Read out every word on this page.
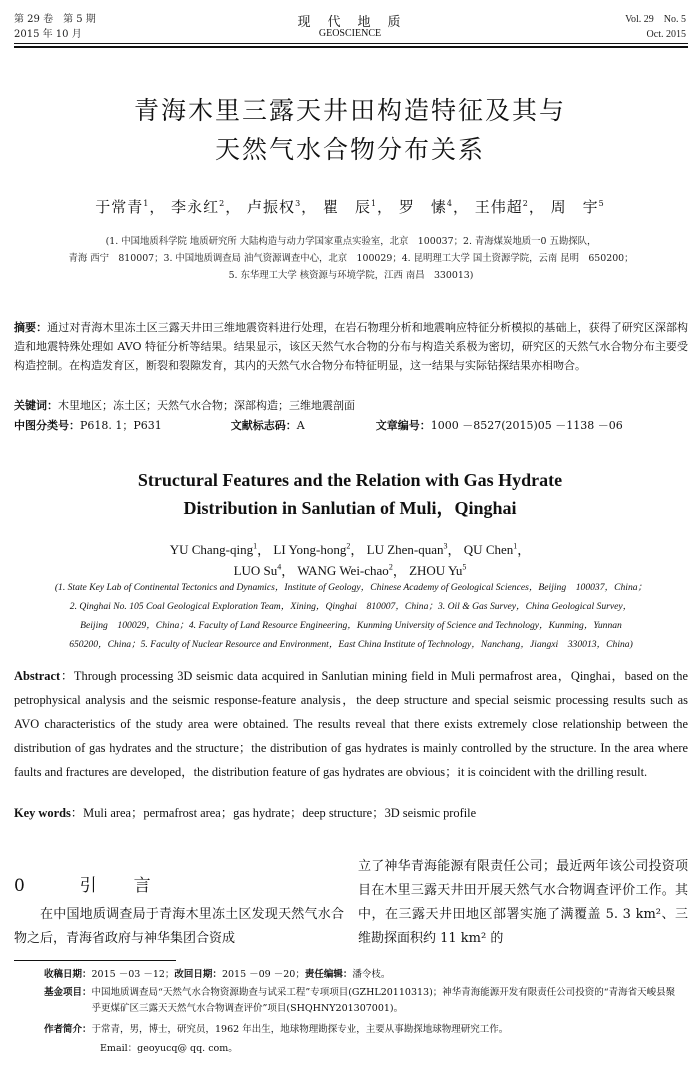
第 29 卷　第 5 期
2015 年 10 月
现　代　地　质
GEOSCIENCE
Vol. 29　No. 5
Oct. 2015
青海木里三露天井田构造特征及其与
天然气水合物分布关系
于常青$^1$， 李永红$^2$， 卢振权$^3$， 瞿　辰$^1$， 罗　愫$^4$， 王伟超$^2$， 周　宇$^5$
(1. 中国地质科学院 地质研究所 大陆构造与动力学国家重点实验室，北京　100037；2. 青海煤炭地质一0 五勘探队，
青海 西宁　810007；3. 中国地质调查局 油气资源调查中心，北京　100029；4. 昆明理工大学 国土资源学院，云南 昆明　650200；
5. 东华理工大学 核资源与环境学院，江西 南昌　330013)
摘要：通过对青海木里冻土区三露天井田三维地震资料进行处理，在岩石物理分析和地震响应特征分析模拟的基础上，获得了研究区深部构造和地震特殊处理如 AVO 特征分析等结果。结果显示，该区天然气水合物的分布与构造关系极为密切，研究区的天然气水合物分布主要受构造控制。在构造发育区，断裂和裂隙发育，其内的天然气水合物分布特征明显，这一结果与实际钻探结果亦相吻合。
关键词：木里地区；冻土区；天然气水合物；深部构造；三维地震剖面
中图分类号：P618. 1；P631	文献标志码：A	文章编号：1000 －8527(2015)05 －1138 －06
Structural Features and the Relation with Gas Hydrate
Distribution in Sanlutian of Muli，Qinghai
YU Chang-qing$^1$， LI Yong-hong$^2$， LU Zhen-quan$^3$， QU Chen$^1$，
LUO Su$^4$， WANG Wei-chao$^2$， ZHOU Yu$^5$
(1. State Key Lab of Continental Tectonics and Dynamics，Institute of Geology，Chinese Academy of Geological Sciences，Beijing　100037，China；
2. Qinghai No. 105 Coal Geological Exploration Team，Xining，Qinghai　810007，China；3. Oil & Gas Survey，China Geological Survey，
Beijing　100029，China；4. Faculty of Land Resource Engineering，Kunming University of Science and Technology，Kunming，Yunnan
650200，China；5. Faculty of Nuclear Resource and Environment，East China Institute of Technology，Nanchang，Jiangxi　330013，China)
Abstract：Through processing 3D seismic data acquired in Sanlutian mining field in Muli permafrost area，Qinghai，based on the petrophysical analysis and the seismic response-feature analysis，the deep structure and special seismic processing results such as AVO characteristics of the study area were obtained. The results reveal that there exists extremely close relationship between the distribution of gas hydrates and the structure；the distribution of gas hydrates is mainly controlled by the structure. In the area where faults and fractures are developed，the distribution feature of gas hydrates are obvious；it is coincident with the drilling result.
Key words：Muli area；permafrost area；gas hydrate；deep structure；3D seismic profile
0	引　言
在中国地质调查局于青海木里冻土区发现天然气水合物之后，青海省政府与神华集团合资成
立了神华青海能源有限责任公司；最近两年该公司投资项目在木里三露天井田开展天然气水合物调查评价工作。其中，在三露天井田地区部署实施了满覆盖 5. 3 km²、三维勘探面积约 11 km² 的
收稿日期：2015 －03 －12；改回日期：2015 －09 －20；责任编辑：潘令枝。
基金项目： 中国地质调查局“天然气水合物资源勘查与试采工程”专项项目(GZHL20110313)；神华青海能源开发有限责任公司投资的“青海省天峻县聚乎更煤矿区三露天天然气水合物调查评价”项目(SHQHNY201307001)。
作者简介： 于常青，男，博士，研究员，1962 年出生，地球物理勘探专业，主要从事勘探地球物理研究工作。
Email：geoyucq@ qq. com。
